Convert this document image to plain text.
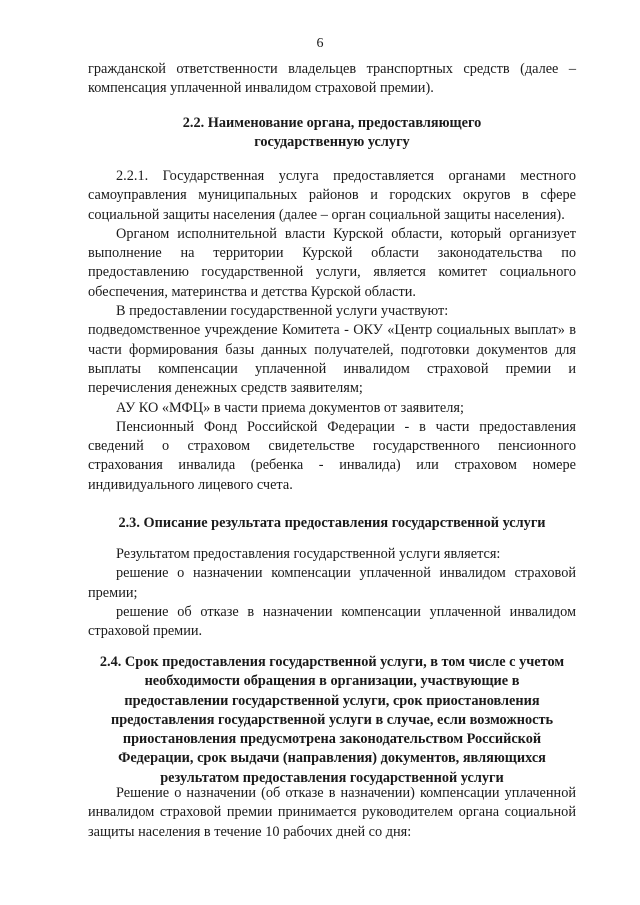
6

гражданской ответственности владельцев транспортных средств (далее – компенсация уплаченной инвалидом страховой премии).

2.2. Наименование органа, предоставляющего государственную услугу

2.2.1. Государственная услуга предоставляется органами местного самоуправления муниципальных районов и городских округов в сфере социальной защиты населения (далее – орган социальной защиты населения).

Органом исполнительной власти Курской области, который организует выполнение на территории Курской области законодательства по предоставлению государственной услуги, является комитет социального обеспечения, материнства и детства Курской области.

В предоставлении государственной услуги участвуют:

подведомственное учреждение Комитета - ОКУ «Центр социальных выплат» в части формирования базы данных получателей, подготовки документов для выплаты компенсации уплаченной инвалидом страховой премии и перечисления денежных средств заявителям;

АУ КО «МФЦ» в части приема документов от заявителя;

Пенсионный Фонд Российской Федерации - в части предоставления сведений о страховом свидетельстве государственного пенсионного страхования инвалида (ребенка - инвалида) или страховом номере индивидуального лицевого счета.

2.3. Описание результата предоставления государственной услуги

Результатом предоставления государственной услуги является:

решение о назначении компенсации уплаченной инвалидом страховой премии;

решение об отказе в назначении компенсации уплаченной инвалидом страховой премии.

2.4. Срок предоставления государственной услуги, в том числе с учетом необходимости обращения в организации, участвующие в предоставлении государственной услуги, срок приостановления предоставления государственной услуги в случае, если возможность приостановления предусмотрена законодательством Российской Федерации, срок выдачи (направления) документов, являющихся результатом предоставления государственной услуги

Решение о назначении (об отказе в назначении) компенсации уплаченной инвалидом страховой премии принимается руководителем органа социальной защиты населения в течение 10 рабочих дней со дня:
